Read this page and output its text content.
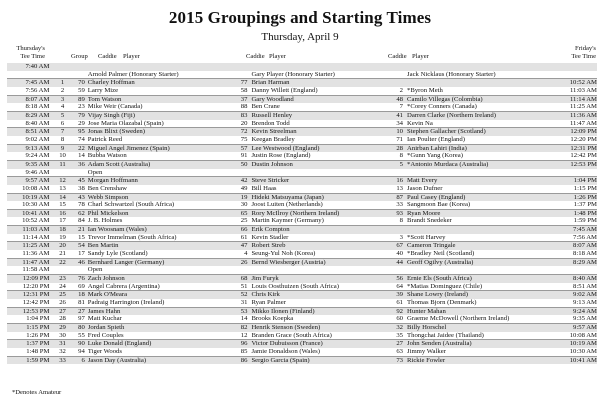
2015 Groupings and Starting Times
Thursday, April 9
Thursday's
Tee Time	Group Caddie Player	Caddie Player	Caddie Player
Friday's
Tee Time
7:40 AM								
			Arnold Palmer (Honorary Starter)		Gary Player (Honorary Starter)		Jack Nicklaus (Honorary Starter)	
7:45 AM	1	70	Charley Hoffman	77	Brian Harman			10:52 AM
7:56 AM	2	59	Larry Mize	58	Danny Willett (England)	2	*Byron Meth	11:03 AM
8:07 AM	3	89	Tom Watson	37	Gary Woodland	48	Camilo Villegas (Colombia)	11:14 AM
8:18 AM	4	23	Mike Weir (Canada)	88	Ben Crane	7	*Corey Conners (Canada)	11:25 AM
8:29 AM	5	79	Vijay Singh (Fiji)	83	Russell Henley	41	Darren Clarke (Northern Ireland)	11:36 AM
8:40 AM	6	29	Jose Maria Olazabal (Spain)	20	Brendon Todd	34	Kevin Na	11:47 AM
8:51 AM	7	95	Jonas Blixt (Sweden)	72	Kevin Streelman	10	Stephen Gallacher (Scotland)	12:09 PM
9:02 AM	8	74	Patrick Reed	75	Keegan Bradley	71	Ian Poulter (England)	12:20 PM
9:13 AM	9	22	Miguel Angel Jimenez (Spain)	57	Lee Westwood (England)	28	Anirban Lahiri (India)	12:31 PM
9:24 AM	10	14	Bubba Watson	91	Justin Rose (England)	8	*Gunn Yang (Korea)	12:42 PM
9:35 AM	11	36	Adam Scott (Australia)	50	Dustin Johnson	5	*Antonio Murdaca (Australia)	12:53 PM
9:46 AM			Open					
9:57 AM	12	45	Morgan Hoffmann	42	Steve Stricker	16	Matt Every	1:04 PM
10:08 AM	13	38	Ben Crenshaw	49	Bill Haas	13	Jason Dufner	1:15 PM
10:19 AM	14	43	Webb Simpson	19	Hideki Matsuyama (Japan)	87	Paul Casey (England)	1:26 PM
10:30 AM	15	78	Charl Schwartzel (South Africa)	30	Joost Luiten (Netherlands)	33	Sangmoon Bae (Korea)	1:37 PM
10:41 AM	16	62	Phil Mickelson	65	Rory McIlroy (Northern Ireland)	93	Ryan Moore	1:48 PM
10:52 AM	17	84	J. B. Holmes	25	Martin Kaymer (Germany)	8	Brandt Snedeker	1:59 PM
11:03 AM	18	21	Ian Woosnam (Wales)	66	Erik Compton			7:45 AM
11:14 AM	19	15	Trevor Immelman (South Africa)	61	Kevin Stadler	3	*Scott Harvey	7:56 AM
11:25 AM	20	54	Ben Martin	47	Robert Streb	67	Cameron Tringale	8:07 AM
11:36 AM	21	17	Sandy Lyle (Scotland)	4	Seung-Yul Noh (Korea)	40	*Bradley Neil (Scotland)	8:18 AM
11:47 AM	22	46	Bernhard Langer (Germany)	26	Bernd Wiesberger (Austria)	44	Geoff Ogilvy (Australia)	8:29 AM
11:58 AM			Open					
12:09 PM	23	76	Zach Johnson	68	Jim Furyk	56	Ernie Els (South Africa)	8:40 AM
12:20 PM	24	69	Angel Cabrera (Argentina)	51	Louis Oosthuizen (South Africa)	64	*Matias Dominguez (Chile)	8:51 AM
12:31 PM	25	18	Mark O'Meara	52	Chris Kirk	39	Shane Lowry (Ireland)	9:02 AM
12:42 PM	26	81	Padraig Harrington (Ireland)	31	Ryan Palmer	61	Thomas Bjorn (Denmark)	9:13 AM
12:53 PM	27	27	James Hahn	53	Mikko Ilonen (Finland)	92	Hunter Mahan	9:24 AM
1:04 PM	28	97	Matt Kuchar	14	Brooks Koepka	60	Graeme McDowell (Northern Ireland)	9:35 AM
1:15 PM	29	80	Jordan Spieth	82	Henrik Stenson (Sweden)	32	Billy Horschel	9:57 AM
1:26 PM	30	55	Fred Couples	12	Branden Grace (South Africa)	35	Thongchai Jaidee (Thailand)	10:08 AM
1:37 PM	31	90	Luke Donald (England)	96	Victor Dubuisson (France)	27	John Senden (Australia)	10:19 AM
1:48 PM	32	94	Tiger Woods	85	Jamie Donaldson (Wales)	63	Jimmy Walker	10:30 AM
1:59 PM	33	6	Jason Day (Australia)	86	Sergio Garcia (Spain)	73	Rickie Fowler	10:41 AM
*Denotes Amateur
